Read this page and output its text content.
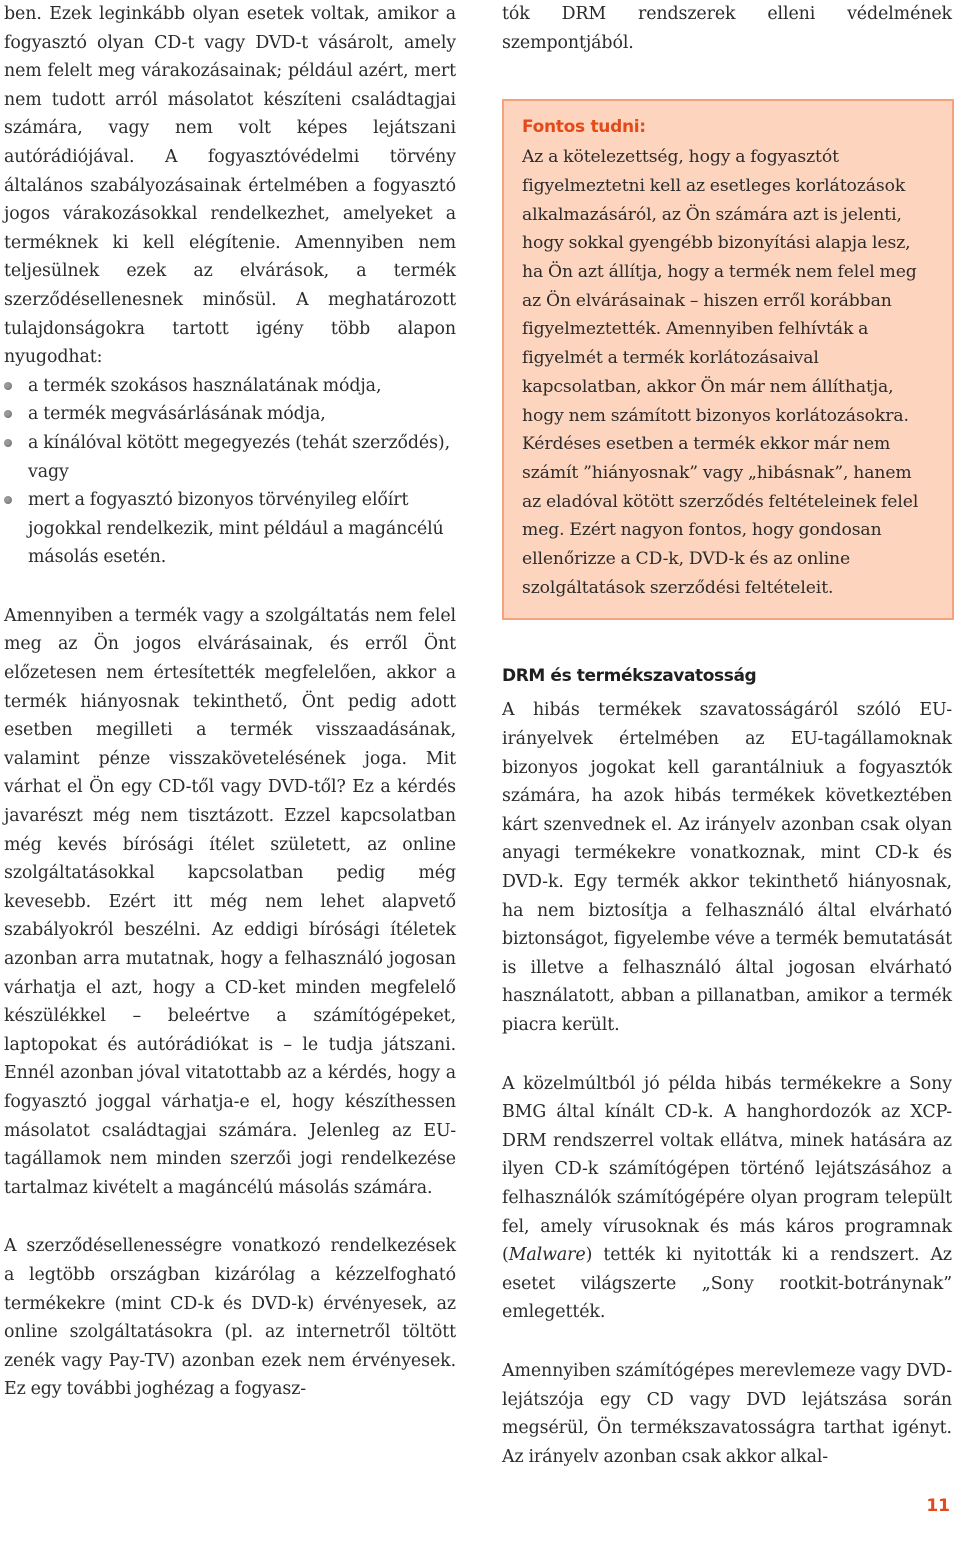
ben. Ezek leginkább olyan esetek voltak, amikor a fogyasztó olyan CD-t vagy DVD-t vásárolt, amely nem felelt meg várakozásainak; például azért, mert nem tudott arról másolatot készíteni családtagjai számára, vagy nem volt képes lejátszani autórádiójával. A fogyasztóvédelmi törvény általános szabályozásainak értelmében a fogyasztó jogos várakozásokkal rendelkezhet, amelyeket a terméknek ki kell elégítenie. Amennyiben nem teljesülnek ezek az elvárások, a termék szerződésellenesnek minősül. A meghatározott tulajdonságokra tartott igény több alapon nyugodhat:

a termék szokásos használatának módja,
a termék megvásárlásának módja,
a kínálóval kötött megegyezés (tehát szerződés), vagy
mert a fogyasztó bizonyos törvényileg előírt jogokkal rendelkezik, mint például a magáncélú másolás esetén.

Amennyiben a termék vagy a szolgáltatás nem felel meg az Ön jogos elvárásainak, és erről Önt előzetesen nem értesítették megfelelően, akkor a termék hiányosnak tekinthető, Önt pedig adott esetben megilleti a termék visszaadásának, valamint pénze visszakövetelésének joga. Mit várhat el Ön egy CD-től vagy DVD-től? Ez a kérdés javarészt még nem tisztázott. Ezzel kapcsolatban még kevés bírósági ítélet született, az online szolgáltatásokkal kapcsolatban pedig még kevesebb. Ezért itt még nem lehet alapvető szabályokról beszélni. Az eddigi bírósági ítéletek azonban arra mutatnak, hogy a felhasználó jogosan várhatja el azt, hogy a CD-ket minden megfelelő készülékkel – beleértve a számítógépeket, laptopokat és autórádiókat is – le tudja játszani. Ennél azonban jóval vitatottabb az a kérdés, hogy a fogyasztó joggal várhatja-e el, hogy készíthessen másolatot családtagjai számára. Jelenleg az EU-tagállamok nem minden szerzői jogi rendelkezése tartalmaz kivételt a magáncélú másolás számára.

A szerződésellenességre vonatkozó rendelkezések a legtöbb országban kizárólag a kézzelfogható termékekre (mint CD-k és DVD-k) érvényesek, az online szolgáltatásokra (pl. az internetről töltött zenék vagy Pay-TV) azonban ezek nem érvényesek. Ez egy további joghézag a fogyasz-

tók DRM rendszerek elleni védelmének szempontjából.

Fontos tudni:

Az a kötelezettség, hogy a fogyasztót figyelmeztetni kell az esetleges korlátozások alkalmazásáról, az Ön számára azt is jelenti, hogy sokkal gyengébb bizonyítási alapja lesz, ha Ön azt állítja, hogy a termék nem felel meg az Ön elvárásainak – hiszen erről korábban figyelmeztették. Amennyiben felhívták a figyelmét a termék korlátozásaival kapcsolatban, akkor Ön már nem állíthatja, hogy nem számított bizonyos korlátozásokra. Kérdéses esetben a termék ekkor már nem számít ”hiányosnak” vagy „hibásnak”, hanem az eladóval kötött szerződés feltételeinek felel meg. Ezért nagyon fontos, hogy gondosan ellenőrizze a CD-k, DVD-k és az online szolgáltatások szerződési feltételeit.

DRM és termékszavatosság

A hibás termékek szavatosságáról szóló EU-irányelvek értelmében az EU-tagállamoknak bizonyos jogokat kell garantálniuk a fogyasztók számára, ha azok hibás termékek következtében kárt szenvednek el. Az irányelv azonban csak olyan anyagi termékekre vonatkoznak, mint CD-k és DVD-k. Egy termék akkor tekinthető hiányosnak, ha nem biztosítja a felhasználó által elvárható biztonságot, figyelembe véve a termék bemutatását is illetve a felhasználó által jogosan elvárható használatott, abban a pillanatban, amikor a termék piacra került.

A közelmúltból jó példa hibás termékekre a Sony BMG által kínált CD-k. A hanghordozók az XCP-DRM rendszerrel voltak ellátva, minek hatására az ilyen CD-k számítógépen történő lejátszásához a felhasználók számítógépére olyan program települt fel, amely vírusoknak és más káros programnak (Malware) tették ki nyitották ki a rendszert. Az esetet világszerte „Sony rootkit-botránynak” emlegették.

Amennyiben számítógépes merevlemeze vagy DVD-lejátszója egy CD vagy DVD lejátszása során megsérül, Ön termékszavatosságra tarthat igényt. Az irányelv azonban csak akkor alkal-

11
